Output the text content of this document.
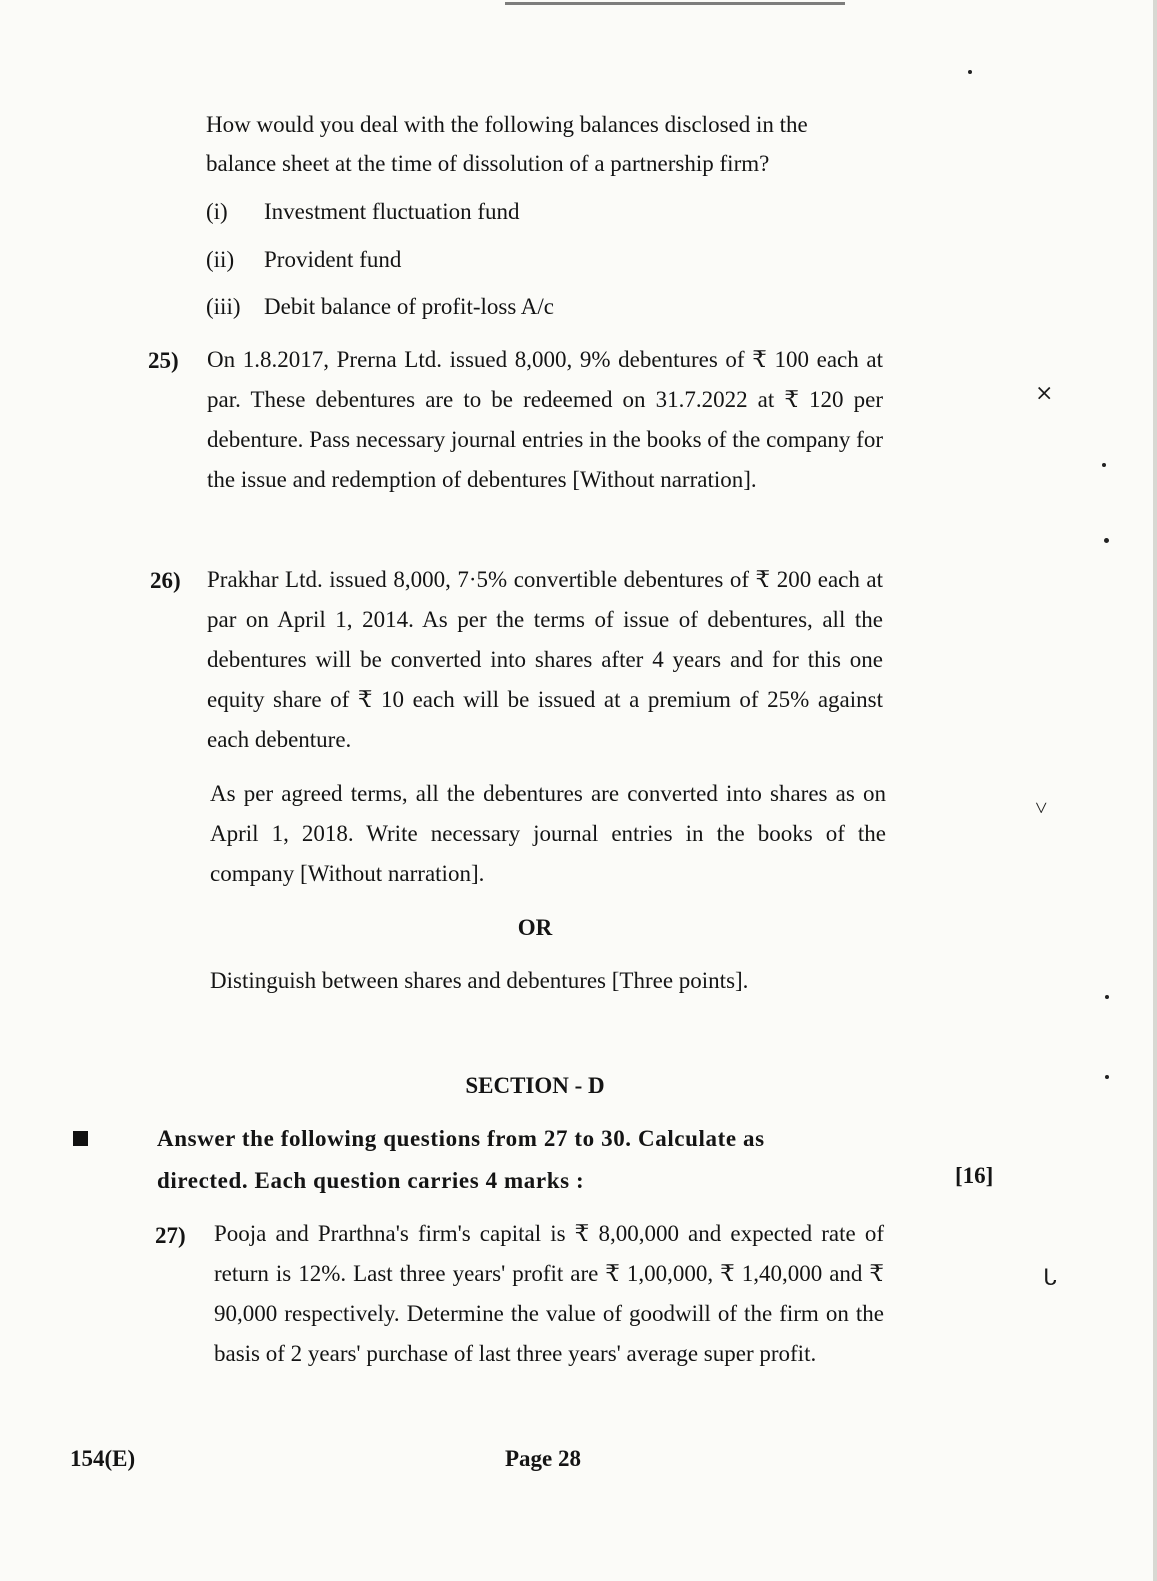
How would you deal with the following balances disclosed in the
balance sheet at the time of dissolution of a partnership firm?
(i) Investment fluctuation fund
(ii) Provident fund
(iii) Debit balance of profit-loss A/c
25) On 1.8.2017, Prerna Ltd. issued 8,000, 9% debentures of ₹ 100 each at par. These debentures are to be redeemed on 31.7.2022 at ₹ 120 per debenture. Pass necessary journal entries in the books of the company for the issue and redemption of debentures [Without narration].
26) Prakhar Ltd. issued 8,000, 7·5% convertible debentures of ₹ 200 each at par on April 1, 2014. As per the terms of issue of debentures, all the debentures will be converted into shares after 4 years and for this one equity share of ₹ 10 each will be issued at a premium of 25% against each debenture.
As per agreed terms, all the debentures are converted into shares as on April 1, 2018. Write necessary journal entries in the books of the company [Without narration].
OR
Distinguish between shares and debentures [Three points].
SECTION - D
Answer the following questions from 27 to 30. Calculate as
directed. Each question carries 4 marks :	[16]
27) Pooja and Prarthna's firm's capital is ₹ 8,00,000 and expected rate of return is 12%. Last three years' profit are ₹ 1,00,000, ₹ 1,40,000 and ₹ 90,000 respectively. Determine the value of goodwill of the firm on the basis of 2 years' purchase of last three years' average super profit.
154(E)	Page 28
⨯
˅
ᒐ
